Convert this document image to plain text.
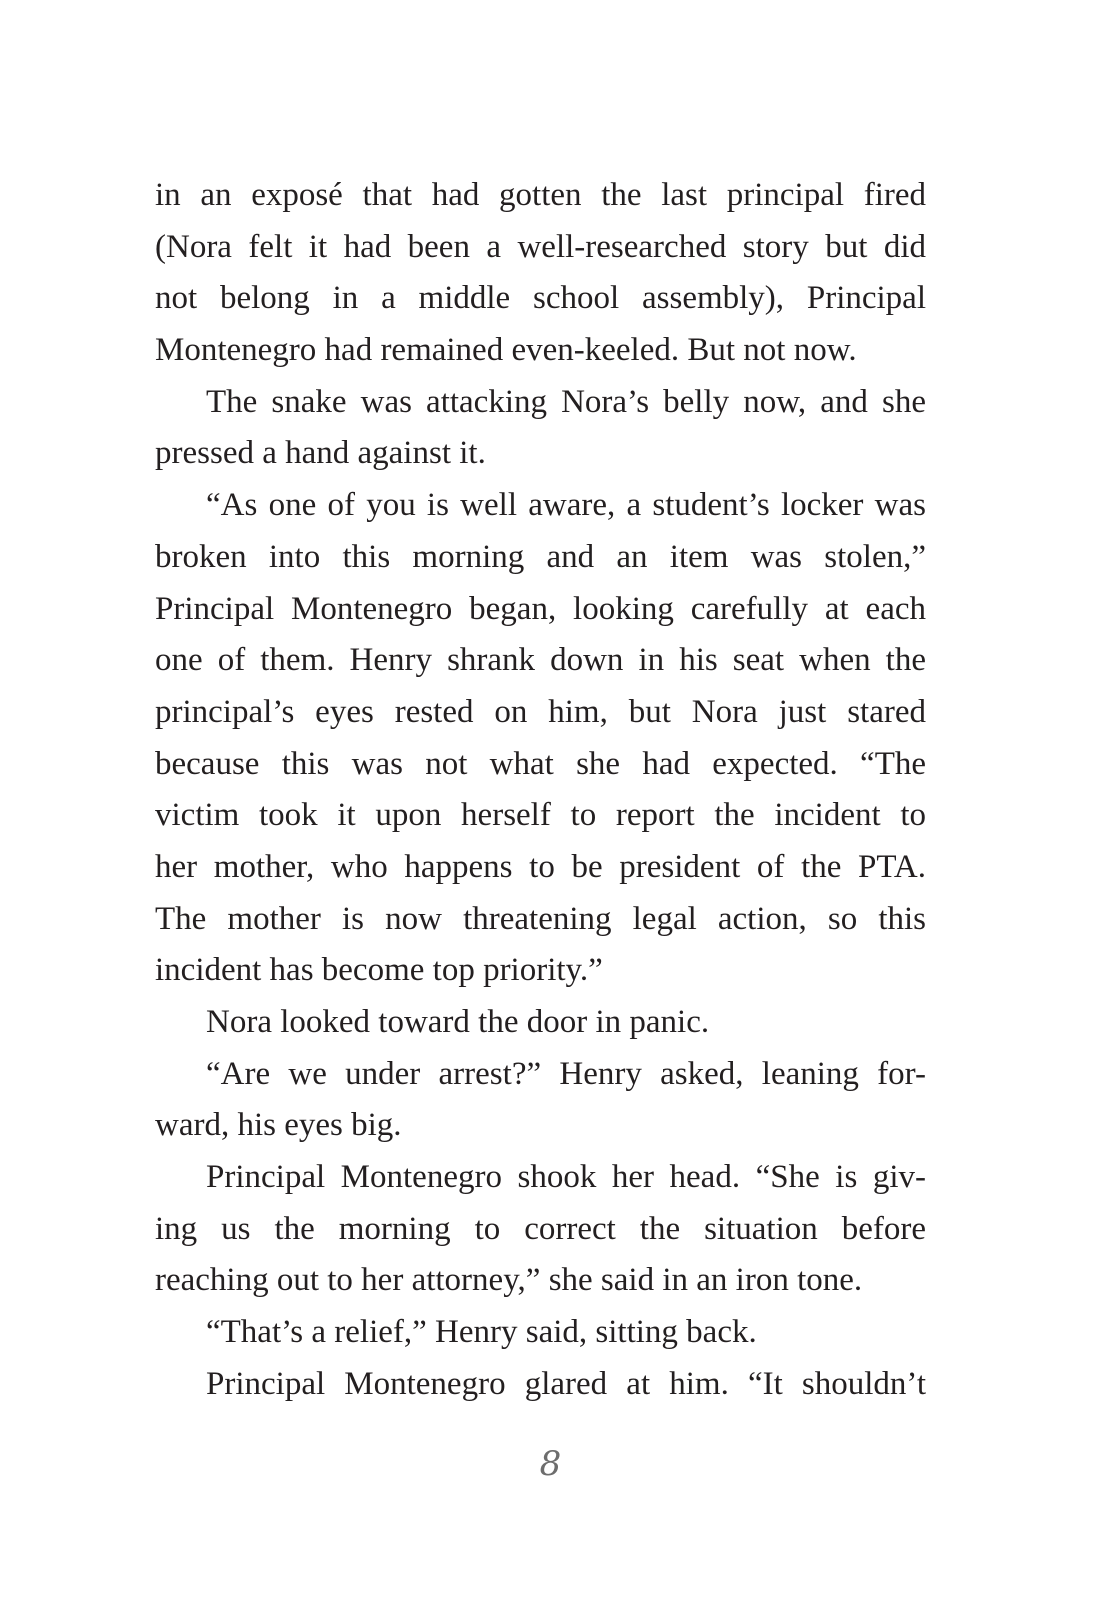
in an exposé that had gotten the last principal fired
(Nora felt it had been a well-researched story but did
not belong in a middle school assembly), Principal
Montenegro had remained even-keeled. But not now.
The snake was attacking Nora’s belly now, and she
pressed a hand against it.
“As one of you is well aware, a student’s locker was
broken into this morning and an item was stolen,”
Principal Montenegro began, looking carefully at each
one of them. Henry shrank down in his seat when the
principal’s eyes rested on him, but Nora just stared
because this was not what she had expected. “The
victim took it upon herself to report the incident to
her mother, who happens to be president of the PTA.
The mother is now threatening legal action, so this
incident has become top priority.”
Nora looked toward the door in panic.
“Are we under arrest?” Henry asked, leaning for-
ward, his eyes big.
Principal Montenegro shook her head. “She is giv-
ing us the morning to correct the situation before
reaching out to her attorney,” she said in an iron tone.
“That’s a relief,” Henry said, sitting back.
Principal Montenegro glared at him. “It shouldn’t
8
